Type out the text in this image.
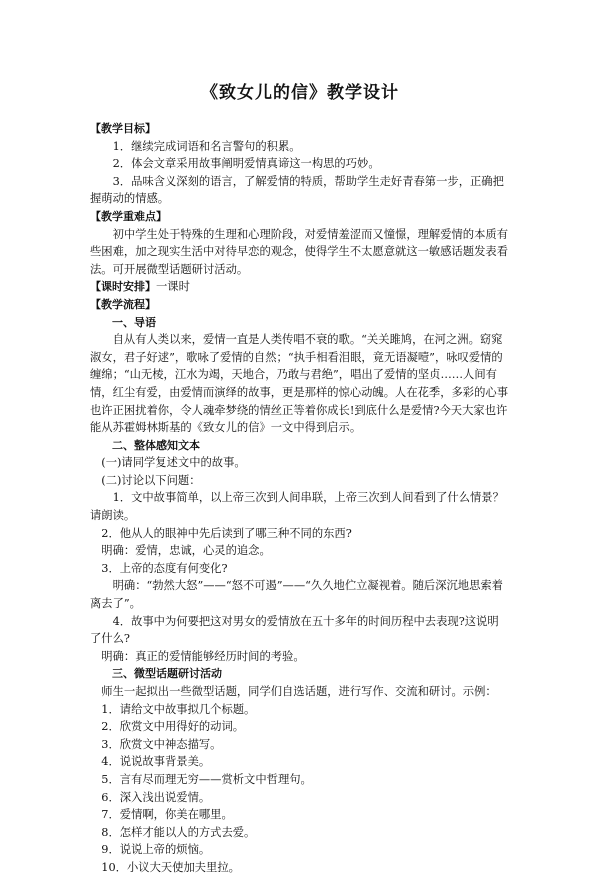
《致女儿的信》教学设计

【教学目标】

1．继续完成词语和名言警句的积累。

2．体会文章采用故事阐明爱情真谛这一构思的巧妙。

3．品味含义深刻的语言，了解爱情的特质，帮助学生走好青春第一步，正确把握萌动的情感。

【教学重难点】

初中学生处于特殊的生理和心理阶段，对爱情羞涩而又憧憬，理解爱情的本质有些困难，加之现实生活中对待早恋的观念，使得学生不太愿意就这一敏感话题发表看法。可开展微型话题研讨活动。

【课时安排】一课时

【教学流程】

一、导语

自从有人类以来，爱情一直是人类传唱不衰的歌。“关关雎鸠，在河之洲。窈窕淑女，君子好逑”，歌咏了爱情的自然；“执手相看泪眼，竟无语凝噎”，咏叹爱情的缠绵；“山无棱，江水为竭，天地合，乃敢与君绝”，唱出了爱情的坚贞……人间有情，红尘有爱，由爱情而演绎的故事，更是那样的惊心动魄。人在花季，多彩的心事也许正困扰着你，令人魂牵梦绕的情丝正等着你成长!到底什么是爱情?今天大家也许能从苏霍姆林斯基的《致女儿的信》一文中得到启示。

二、整体感知文本

(一)请同学复述文中的故事。

(二)讨论以下问题：

1．文中故事简单，以上帝三次到人间串联，上帝三次到人间看到了什么情景？请朗读。

2．他从人的眼神中先后读到了哪三种不同的东西?

明确：爱情，忠诚，心灵的追念。

3．上帝的态度有何变化?

明确：“勃然大怒”——“怒不可遏”——“久久地伫立凝视着。随后深沉地思索着离去了”。

4．故事中为何要把这对男女的爱情放在五十多年的时间历程中去表现?这说明了什么?

明确：真正的爱情能够经历时间的考验。

三、微型话题研讨活动

师生一起拟出一些微型话题，同学们自选话题，进行写作、交流和研讨。示例：

1．请给文中故事拟几个标题。

2．欣赏文中用得好的动词。

3．欣赏文中神态描写。

4．说说故事背景美。

5．言有尽而理无穷——赏析文中哲理句。

6．深入浅出说爱情。

7．爱情啊，你美在哪里。

8．怎样才能以人的方式去爱。

9．说说上帝的烦恼。

10．小议大天使加夫里拉。
